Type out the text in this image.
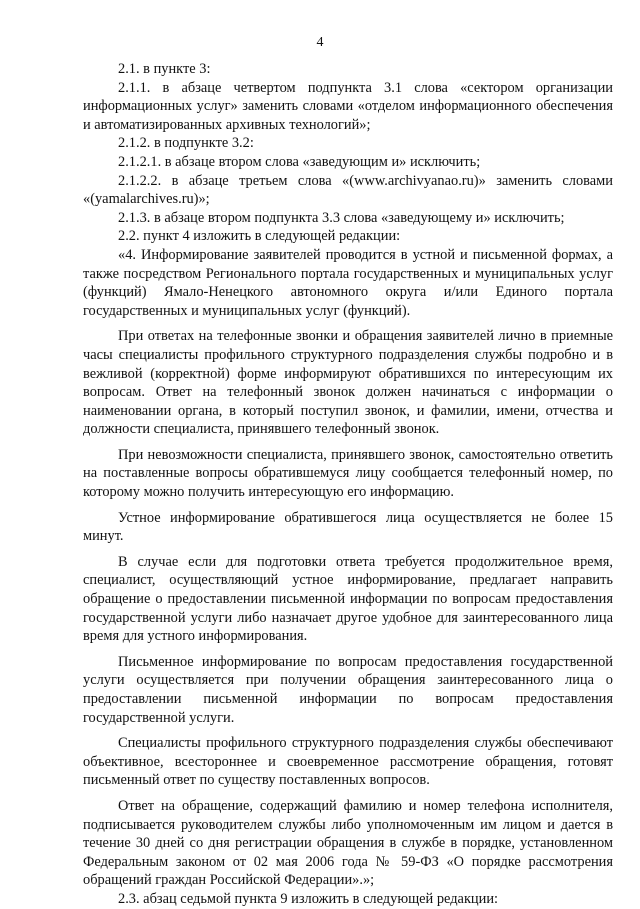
4

2.1. в пункте 3:

2.1.1. в абзаце четвертом подпункта 3.1 слова «сектором организации информационных услуг» заменить словами «отделом информационного обеспечения и автоматизированных архивных технологий»;

2.1.2. в подпункте 3.2:

2.1.2.1. в абзаце втором слова «заведующим и» исключить;

2.1.2.2. в абзаце третьем слова «(www.archivyanao.ru)» заменить словами «(yamalarchives.ru)»;

2.1.3. в абзаце втором подпункта 3.3 слова «заведующему и» исключить;

2.2. пункт 4 изложить в следующей редакции:

«4. Информирование заявителей проводится в устной и письменной формах, а также посредством Регионального портала государственных и муниципальных услуг (функций) Ямало-Ненецкого автономного округа и/или Единого портала государственных и муниципальных услуг (функций).

При ответах на телефонные звонки и обращения заявителей лично в приемные часы специалисты профильного структурного подразделения службы подробно и в вежливой (корректной) форме информируют обратившихся по интересующим их вопросам. Ответ на телефонный звонок должен начинаться с информации о наименовании органа, в который поступил звонок, и фамилии, имени, отчества и должности специалиста, принявшего телефонный звонок.

При невозможности специалиста, принявшего звонок, самостоятельно ответить на поставленные вопросы обратившемуся лицу сообщается телефонный номер, по которому можно получить интересующую его информацию.

Устное информирование обратившегося лица осуществляется не более 15 минут.

В случае если для подготовки ответа требуется продолжительное время, специалист, осуществляющий устное информирование, предлагает направить обращение о предоставлении письменной информации по вопросам предоставления государственной услуги либо назначает другое удобное для заинтересованного лица время для устного информирования.

Письменное информирование по вопросам предоставления государственной услуги осуществляется при получении обращения заинтересованного лица о предоставлении письменной информации по вопросам предоставления государственной услуги.

Специалисты профильного структурного подразделения службы обеспечивают объективное, всестороннее и своевременное рассмотрение обращения, готовят письменный ответ по существу поставленных вопросов.

Ответ на обращение, содержащий фамилию и номер телефона исполнителя, подписывается руководителем службы либо уполномоченным им лицом и дается в течение 30 дней со дня регистрации обращения в службе в порядке, установленном Федеральным законом от 02 мая 2006 года № 59-ФЗ «О порядке рассмотрения обращений граждан Российской Федерации».»;

2.3. абзац седьмой пункта 9 изложить в следующей редакции:
